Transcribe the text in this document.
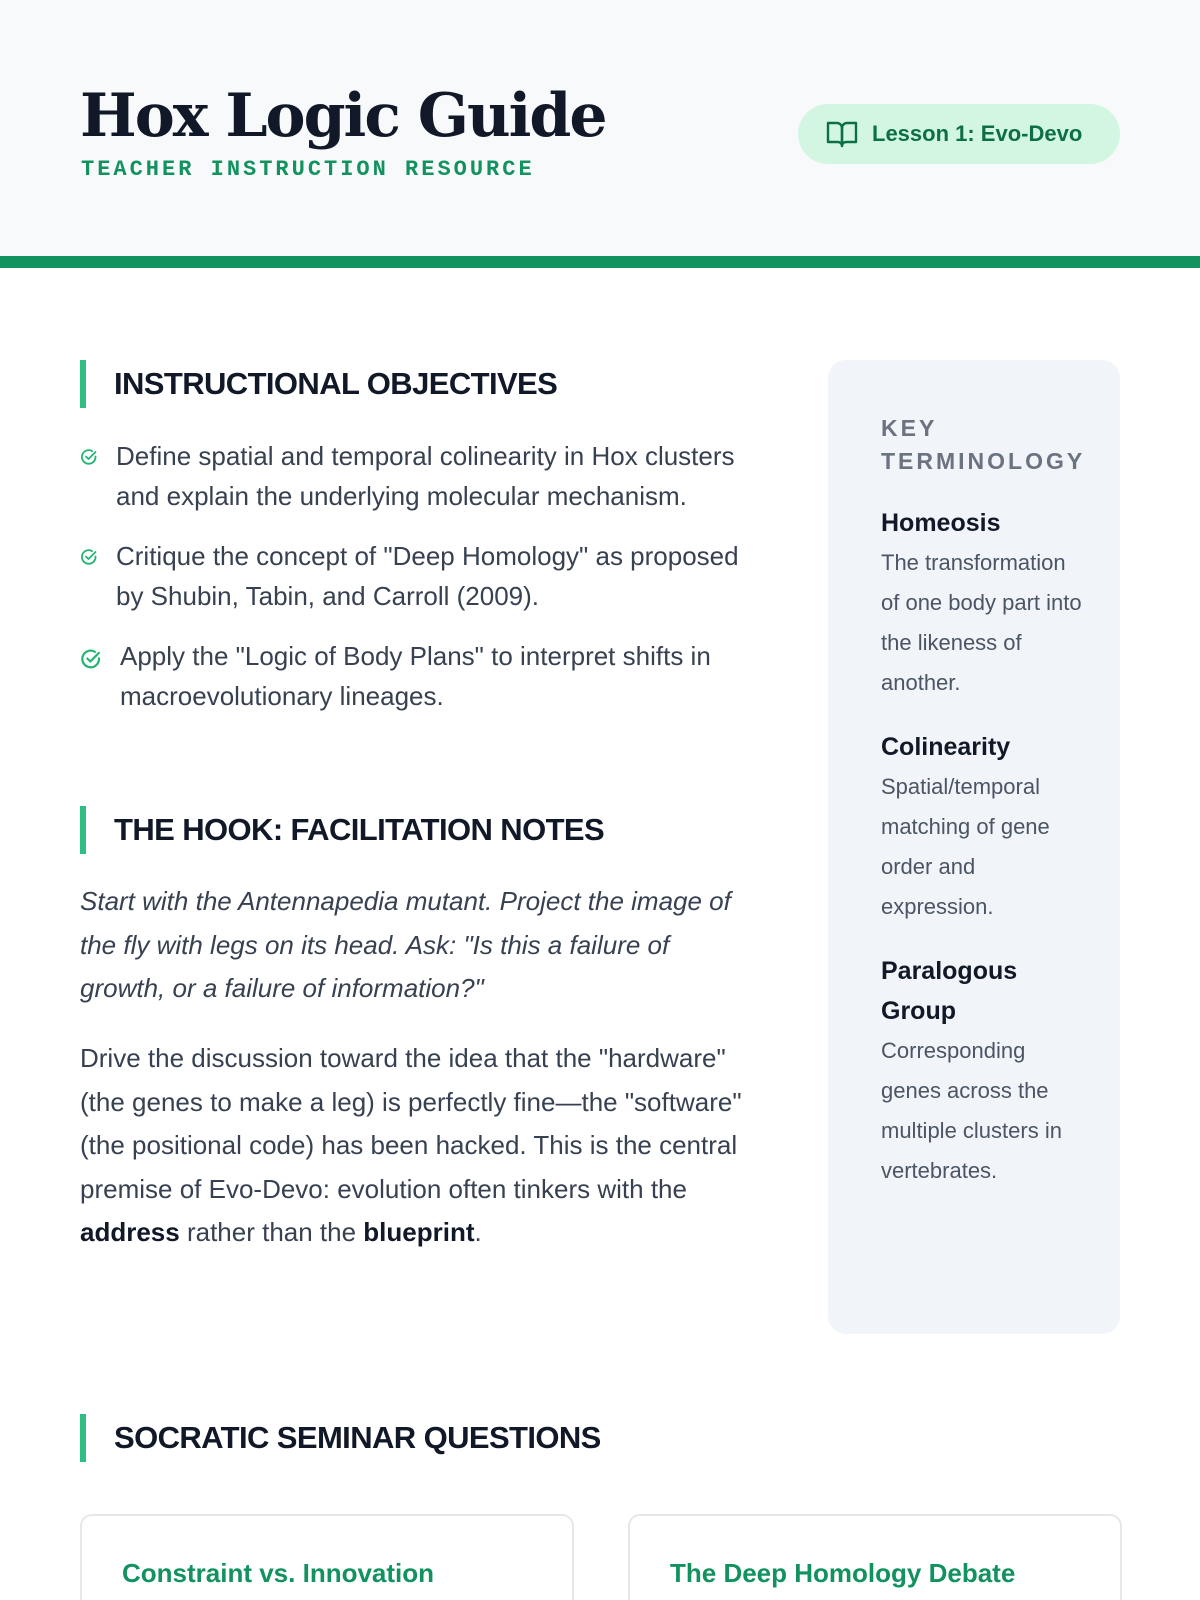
Hox Logic Guide
TEACHER INSTRUCTION RESOURCE
Lesson 1: Evo-Devo
INSTRUCTIONAL OBJECTIVES
Define spatial and temporal colinearity in Hox clusters and explain the underlying molecular mechanism.
Critique the concept of "Deep Homology" as proposed by Shubin, Tabin, and Carroll (2009).
Apply the "Logic of Body Plans" to interpret shifts in macroevolutionary lineages.
THE HOOK: FACILITATION NOTES

Start with the Antennapedia mutant. Project the image of the fly with legs on its head. Ask: "Is this a failure of growth, or a failure of information?"

Drive the discussion toward the idea that the "hardware" (the genes to make a leg) is perfectly fine—the "software" (the positional code) has been hacked. This is the central premise of Evo-Devo: evolution often tinkers with the address rather than the blueprint.

KEY TERMINOLOGY
Homeosis
The transformation of one body part into the likeness of another.
Colinearity
Spatial/temporal matching of gene order and expression.
Paralogous Group
Corresponding genes across the multiple clusters in vertebrates.
SOCRATIC SEMINAR QUESTIONS
Constraint vs. Innovation	The Deep Homology Debate
